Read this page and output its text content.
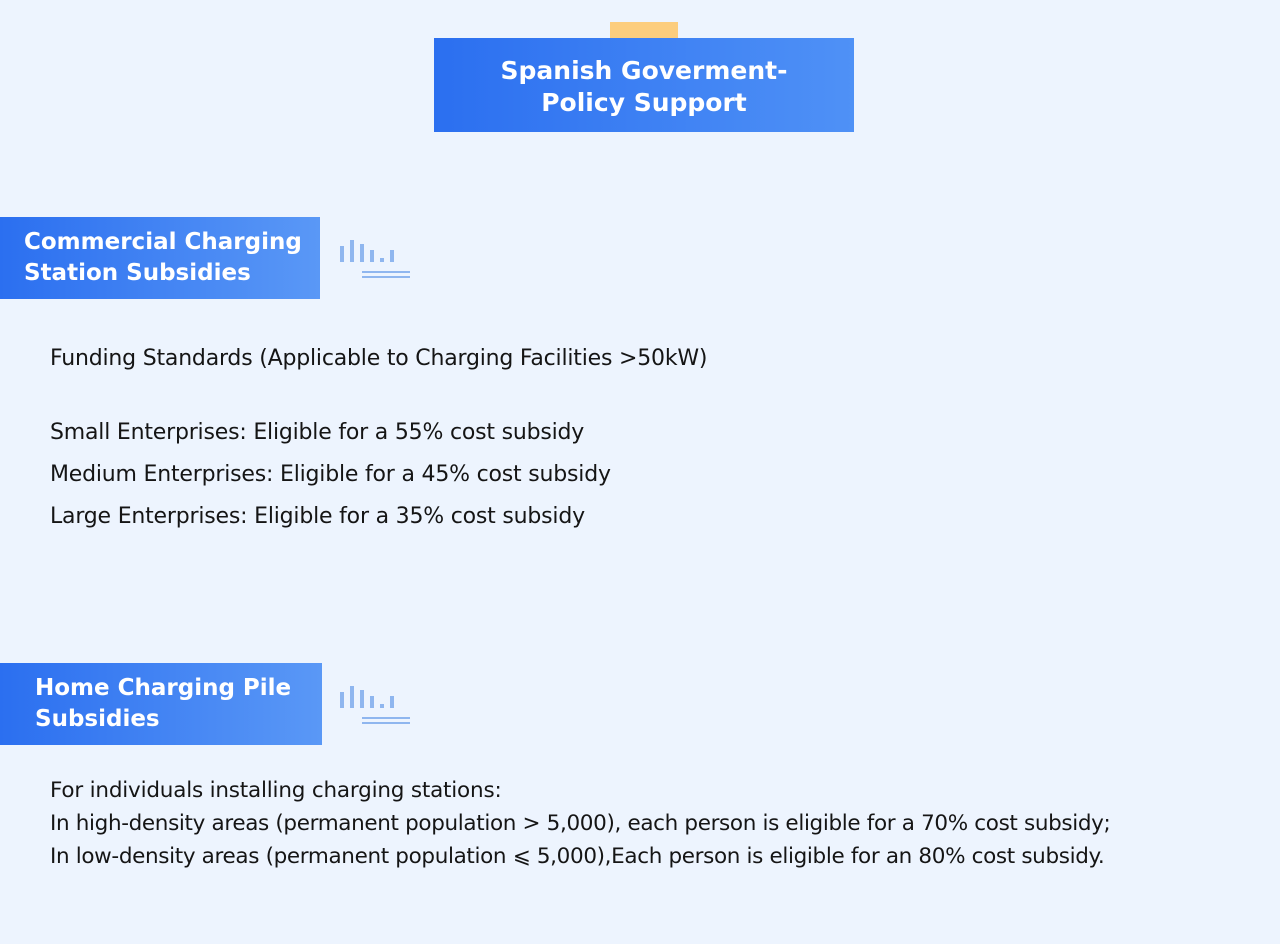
Spanish Goverment-
Policy Support
Commercial Charging
Station Subsidies
Funding Standards (Applicable to Charging Facilities >50kW)
Small Enterprises: Eligible for a 55% cost subsidy
Medium Enterprises: Eligible for a 45% cost subsidy
Large Enterprises: Eligible for a 35% cost subsidy
Home Charging Pile
Subsidies
For individuals installing charging stations:
In high-density areas (permanent population > 5,000), each person is eligible for a 70% cost subsidy;
In low-density areas (permanent population ⩽ 5,000),Each person is eligible for an 80% cost subsidy.
